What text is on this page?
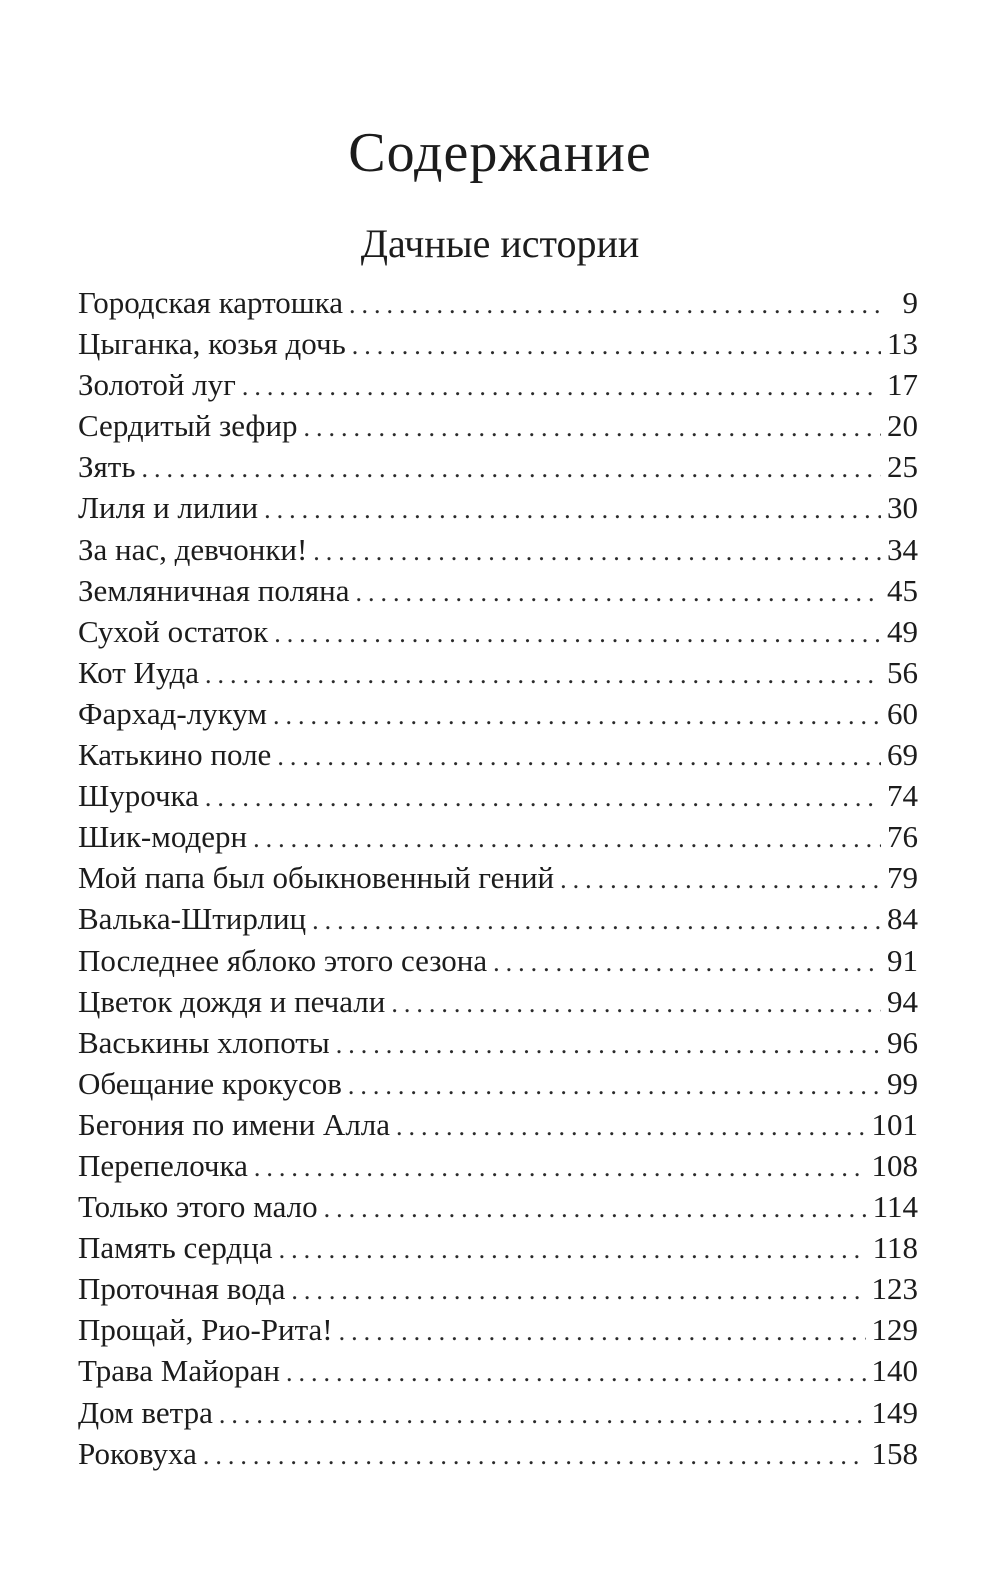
Содержание
Дачные истории
Городская картошка .....	9
Цыганка, козья дочь .....	13
Золотой луг .....	17
Сердитый зефир .....	20
Зять .....	25
Лиля и лилии .....	30
За нас, девчонки! .....	34
Земляничная поляна .....	45
Сухой остаток .....	49
Кот Иуда .....	56
Фархад-лукум .....	60
Катькино поле .....	69
Шурочка .....	74
Шик-модерн .....	76
Мой папа был обыкновенный гений .....	79
Валька-Штирлиц .....	84
Последнее яблоко этого сезона .....	91
Цветок дождя и печали .....	94
Васькины хлопоты .....	96
Обещание крокусов .....	99
Бегония по имени Алла .....	101
Перепелочка .....	108
Только этого мало .....	114
Память сердца .....	118
Проточная вода .....	123
Прощай, Рио-Рита! .....	129
Трава Майоран .....	140
Дом ветра .....	149
Роковуха .....	158
